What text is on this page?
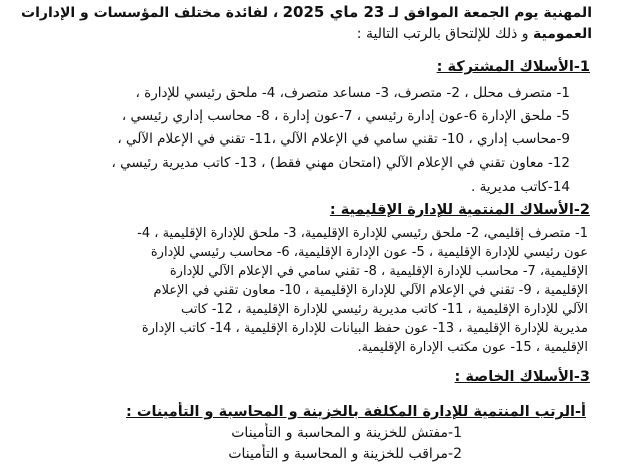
المهنية يوم الجمعة الموافق لـ 23 ماي 2025 ، لفائدة مختلف المؤسسات و الإدارات
العمومية و ذلك للإلتحاق بالرتب التالية :
1-الأسلاك المشتركة :
1- متصرف محلل ، 2- متصرف، 3- مساعد متصرف، 4- ملحق رئيسي للإدارة ،
5- ملحق الإدارة 6-عون إدارة رئيسي ، 7-عون إدارة ، 8- محاسب إداري رئيسي ،
9-محاسب إداري ، 10- تقني سامي في الإعلام الآلي ،11- تقني في الإعلام الآلي ،
12- معاون تقني في الإعلام الآلي (امتحان مهني فقط) ، 13- كاتب مديرية رئيسي ،
14-كاتب مديرية .
2-الأسلاك المنتمية للإدارة الإقليمية :
1- متصرف إقليمي، 2- ملحق رئيسي للإدارة الإقليمية، 3- ملحق للإدارة الإقليمية ، 4-
عون رئيسي للإدارة الإقليمية ، 5- عون الإدارة الإقليمية، 6- محاسب رئيسي للإدارة
الإقليمية، 7- محاسب للإدارة الإقليمية ، 8- تقني سامي في الإعلام الآلي للإدارة
الإقليمية ، 9- تقني في الإعلام الآلي للإدارة الإقليمية ، 10- معاون تقني في الإعلام
الآلي للإدارة الإقليمية ، 11- كاتب مديرية رئيسي للإدارة الإقليمية ، 12- كاتب
مديرية للإدارة الإقليمية ، 13- عون حفظ البيانات للإدارة الإقليمية ، 14- كاتب الإدارة
الإقليمية ، 15- عون مكتب الإدارة الإقليمية.
3-الأسلاك الخاصة :
أ-الرتب المنتمية للإدارة المكلفة بالخزينة و المحاسبة و التأمينات :
1-مفتش للخزينة و المحاسبة و التأمينات
2-مراقب للخزينة و المحاسبة و التأمينات
